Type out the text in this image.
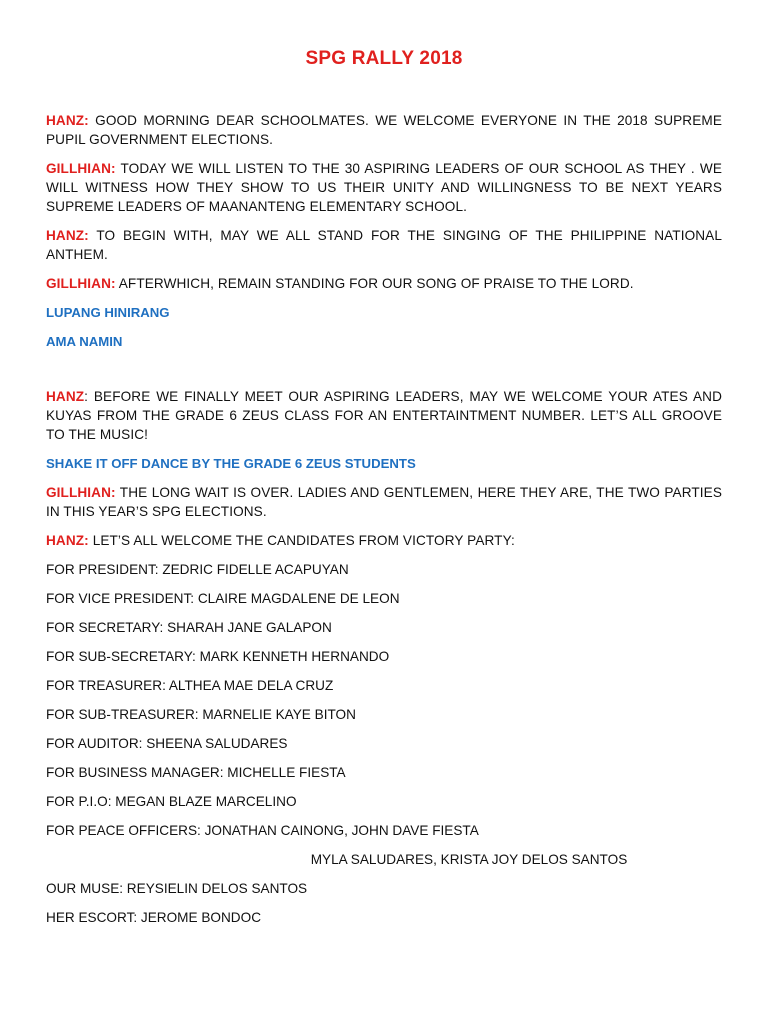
SPG RALLY 2018

HANZ: GOOD MORNING DEAR SCHOOLMATES. WE WELCOME EVERYONE IN THE 2018 SUPREME PUPIL GOVERNMENT ELECTIONS.

GILLHIAN: TODAY WE WILL LISTEN TO THE 30 ASPIRING LEADERS OF OUR SCHOOL AS THEY . WE WILL WITNESS HOW THEY SHOW TO US THEIR UNITY AND WILLINGNESS TO BE NEXT YEARS SUPREME LEADERS OF MAANANTENG ELEMENTARY SCHOOL.

HANZ: TO BEGIN WITH, MAY WE ALL STAND FOR THE SINGING OF THE PHILIPPINE NATIONAL ANTHEM.

GILLHIAN: AFTERWHICH, REMAIN STANDING FOR OUR SONG OF PRAISE TO THE LORD.

LUPANG HINIRANG

AMA NAMIN

HANZ: BEFORE WE FINALLY MEET OUR ASPIRING LEADERS, MAY WE WELCOME YOUR ATES AND KUYAS FROM THE GRADE 6 ZEUS CLASS FOR AN ENTERTAINTMENT NUMBER. LET’S ALL GROOVE TO THE MUSIC!

SHAKE IT OFF DANCE BY THE GRADE 6 ZEUS STUDENTS

GILLHIAN: THE LONG WAIT IS OVER. LADIES AND GENTLEMEN, HERE THEY ARE, THE TWO PARTIES IN THIS YEAR’S SPG ELECTIONS.

HANZ: LET’S ALL WELCOME THE CANDIDATES FROM VICTORY PARTY:

FOR PRESIDENT: ZEDRIC FIDELLE ACAPUYAN

FOR VICE PRESIDENT: CLAIRE MAGDALENE DE LEON

FOR SECRETARY: SHARAH JANE GALAPON

FOR SUB-SECRETARY: MARK KENNETH HERNANDO

FOR TREASURER: ALTHEA MAE DELA CRUZ

FOR SUB-TREASURER: MARNELIE KAYE BITON

FOR AUDITOR: SHEENA SALUDARES

FOR BUSINESS MANAGER: MICHELLE FIESTA

FOR P.I.O: MEGAN BLAZE MARCELINO

FOR PEACE OFFICERS: JONATHAN CAINONG, JOHN DAVE FIESTA

MYLA SALUDARES, KRISTA JOY DELOS SANTOS

OUR MUSE: REYSIELIN DELOS SANTOS

HER ESCORT: JEROME BONDOC
